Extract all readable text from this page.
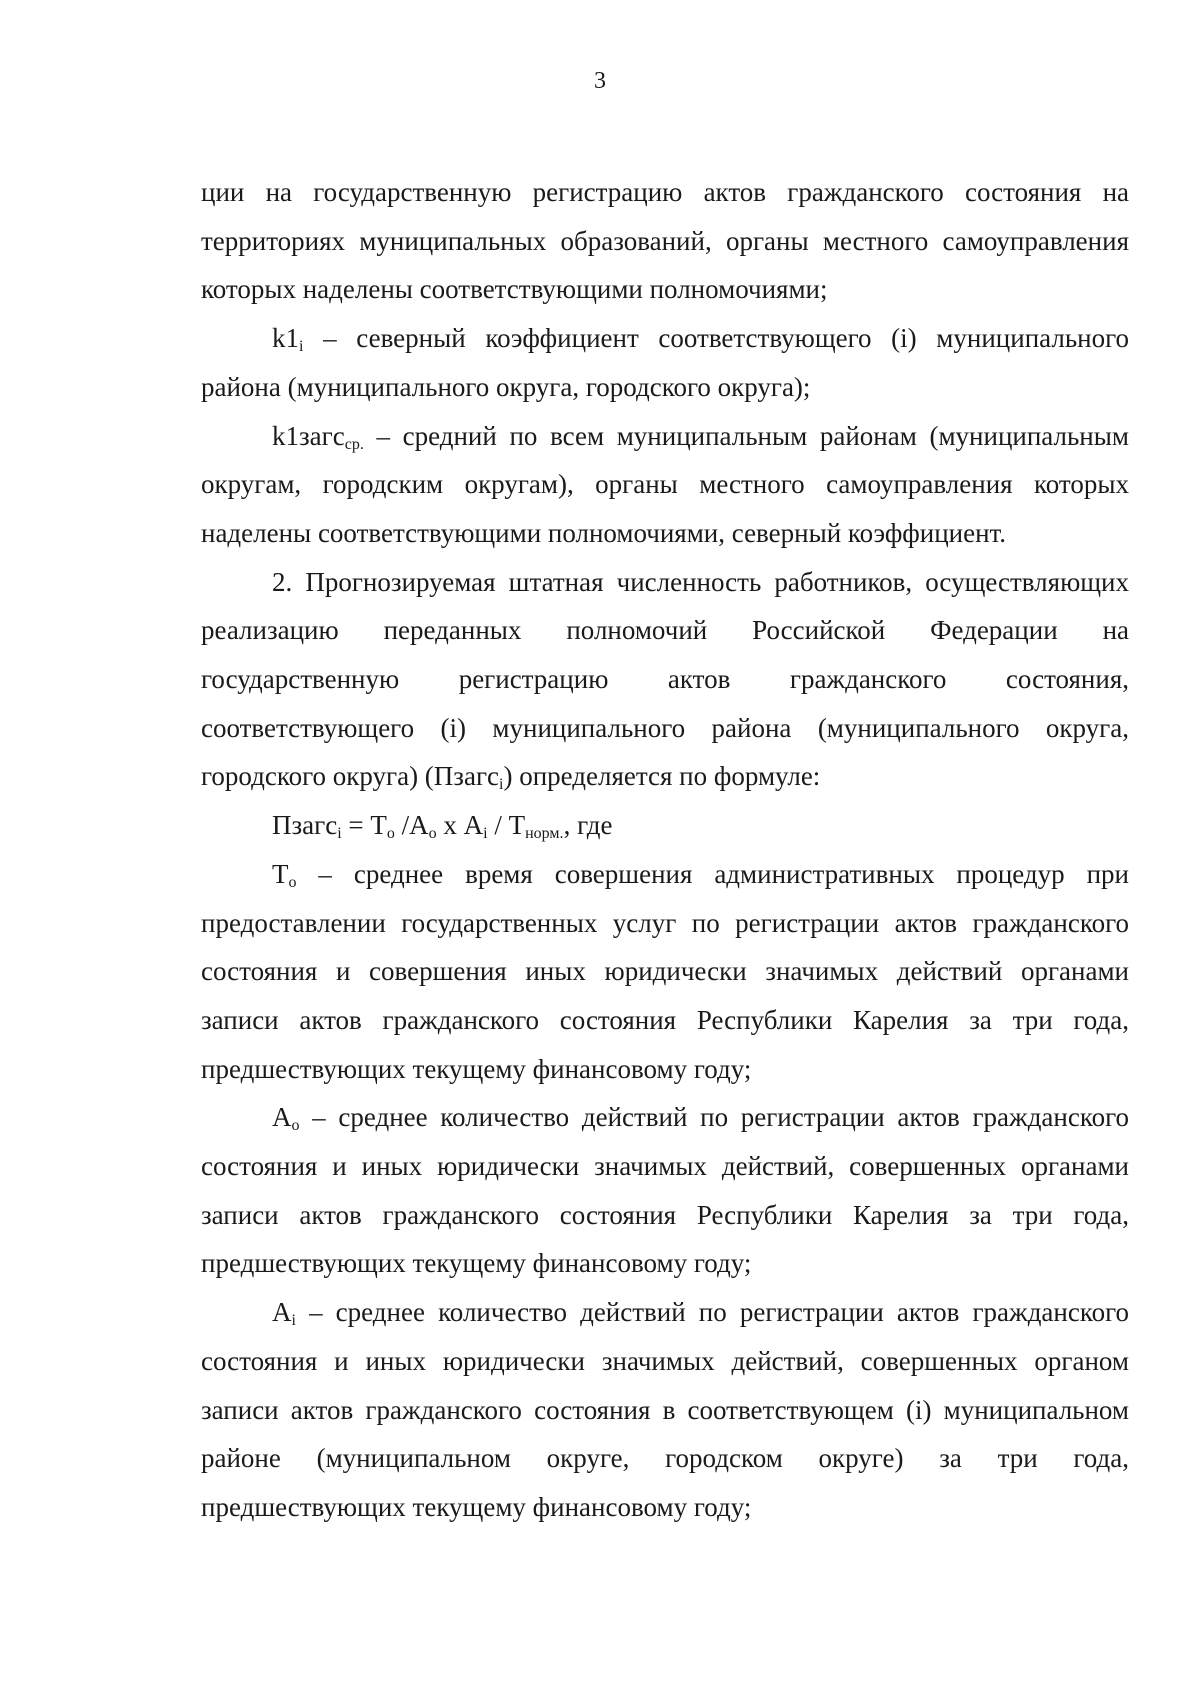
3

ции на государственную регистрацию актов гражданского состояния на территориях муниципальных образований, органы местного самоуправления которых наделены соответствующими полномочиями;

$k1_i$ – северный коэффициент соответствующего (i) муниципального района (муниципального округа, городского округа);

k1загс$_{ср.}$ – средний по всем муниципальным районам (муниципальным округам, городским округам), органы местного самоуправления которых наделены соответствующими полномочиями, северный коэффициент.

2. Прогнозируемая штатная численность работников, осуществляющих реализацию переданных полномочий Российской Федерации на государственную регистрацию актов гражданского состояния, соответствующего (i) муниципального района (муниципального округа, городского округа) (Пзагс$_i$) определяется по формуле:

Пзагс$_i$ = $Т_о$ $/А_о$ х $А_i / Т_{норм.}$, где

$Т_о$ – среднее время совершения административных процедур при предоставлении государственных услуг по регистрации актов гражданского состояния и совершения иных юридически значимых действий органами записи актов гражданского состояния Республики Карелия за три года, предшествующих текущему финансовому году;

$А_о$ – среднее количество действий по регистрации актов гражданского состояния и иных юридически значимых действий, совершенных органами записи актов гражданского состояния Республики Карелия за три года, предшествующих текущему финансовому году;

$А_i$ – среднее количество действий по регистрации актов гражданского состояния и иных юридически значимых действий, совершенных органом записи актов гражданского состояния в соответствующем (i) муниципальном районе (муниципальном округе, городском округе) за три года, предшествующих текущему финансовому году;
